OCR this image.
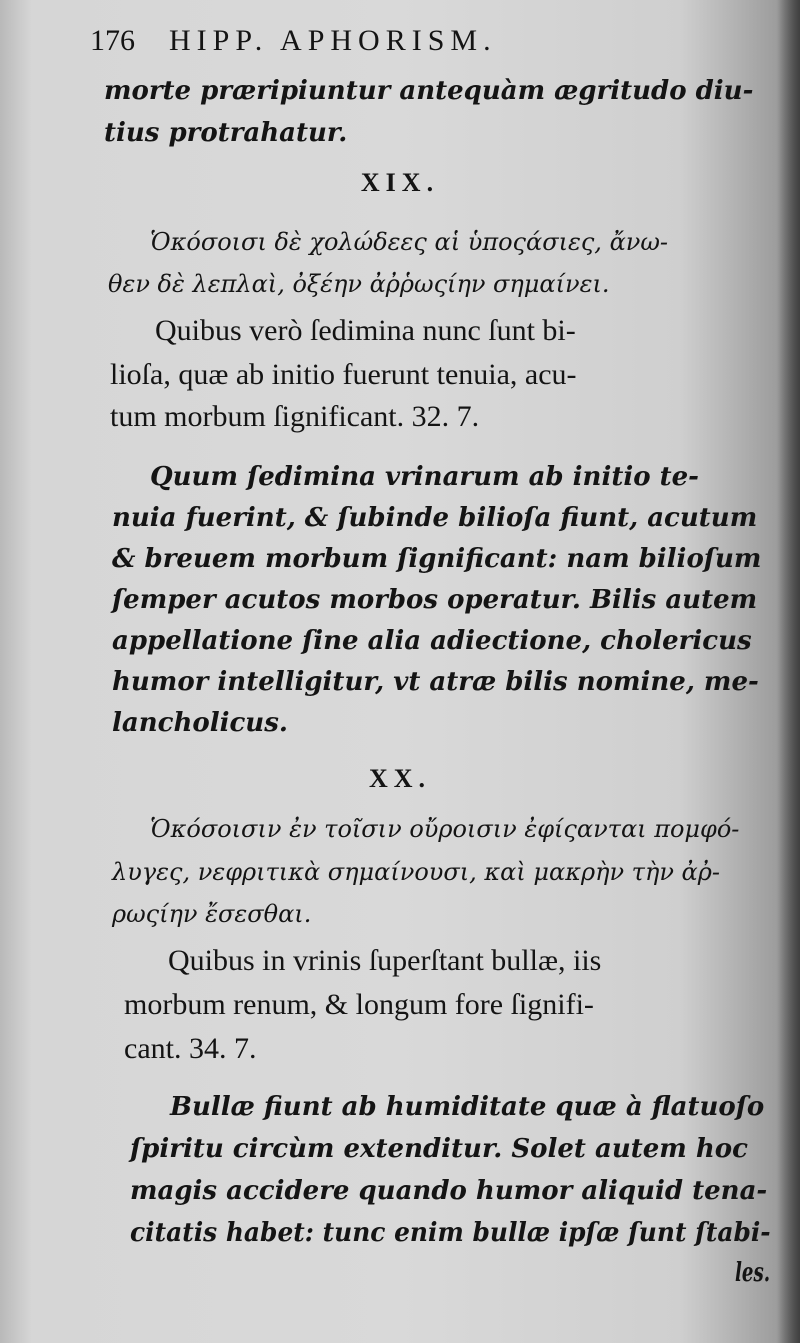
176 HIPP. APHORISM.

morte præripiuntur antequàm ægritudo diu-

tius protrahatur.

XIX.

Ὁκόσοισι δὲ χολώδεες αἱ ὑποςάσιες, ἄνω-

θεν δὲ λεπλαὶ, ὀξέην ἀῤῥωςίην σημαίνει.

Quibus verò ſedimina nunc ſunt bi-

lioſa, quæ ab initio fuerunt tenuia, acu-

tum morbum ſignificant. 32. 7.

Quum ſedimina vrinarum ab initio te-

nuia fuerint, & ſubinde bilioſa fiunt, acutum

& breuem morbum ſignificant: nam bilioſum

ſemper acutos morbos operatur. Bilis autem

appellatione ſine alia adiectione, cholericus

humor intelligitur, vt atræ bilis nomine, me-

lancholicus.

XX.

Ὁκόσοισιν ἐν τοῖσιν οὔροισιν ἐφίςανται πομφό-

λυγες, νεφριτικὰ σημαίνουσι, καὶ μακρὴν τὴν ἀῤ-

ρωςίην ἔσεσθαι.

Quibus in vrinis ſuperſtant bullæ, iis

morbum renum, & longum fore ſignifi-

cant. 34. 7.

Bullæ fiunt ab humiditate quæ à flatuoſo

ſpiritu circùm extenditur. Solet autem hoc

magis accidere quando humor aliquid tena-

citatis habet: tunc enim bullæ ipſæ ſunt ſtabi-

les.
